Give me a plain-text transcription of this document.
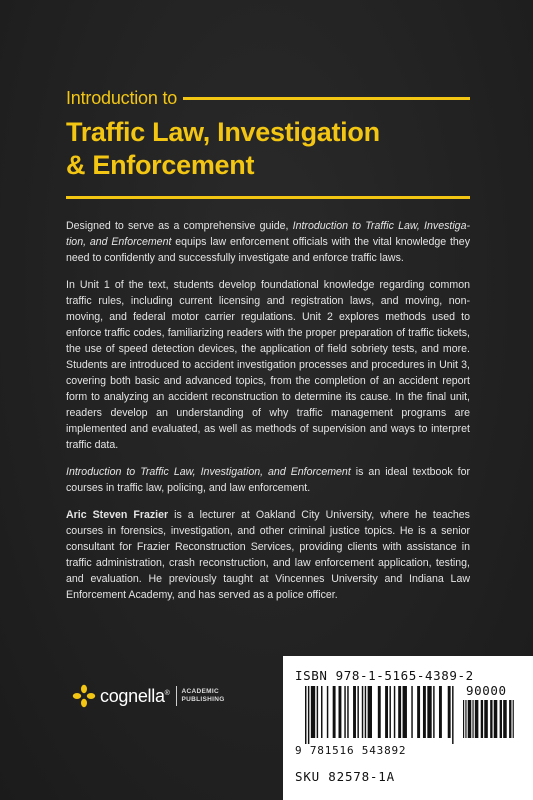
Introduction to
Traffic Law, Investigation
& Enforcement

Designed to serve as a comprehensive guide, Introduction to Traffic Law, Investigation, and Enforcement equips law enforcement officials with the vital knowledge they need to confidently and successfully investigate and enforce traffic laws.

In Unit 1 of the text, students develop foundational knowledge regarding common traffic rules, including current licensing and registration laws, and moving, non-moving, and federal motor carrier regulations. Unit 2 explores methods used to enforce traffic codes, familiarizing readers with the proper preparation of traffic tickets, the use of speed detection devices, the application of field sobriety tests, and more. Students are introduced to accident investigation processes and procedures in Unit 3, covering both basic and advanced topics, from the completion of an accident report form to analyzing an accident reconstruction to determine its cause. In the final unit, readers develop an understanding of why traffic management programs are implemented and evaluated, as well as methods of supervision and ways to interpret traffic data.

Introduction to Traffic Law, Investigation, and Enforcement is an ideal textbook for courses in traffic law, policing, and law enforcement.

Aric Steven Frazier is a lecturer at Oakland City University, where he teaches courses in forensics, investigation, and other criminal justice topics. He is a senior consultant for Frazier Reconstruction Services, providing clients with assistance in traffic administration, crash reconstruction, and law enforcement application, testing, and evaluation. He previously taught at Vincennes University and Indiana Law Enforcement Academy, and has served as a police officer.

cognella® ACADEMIC
PUBLISHING
ISBN 978-1-5165-4389-2
90000
9 781516 543892
SKU 82578-1A
